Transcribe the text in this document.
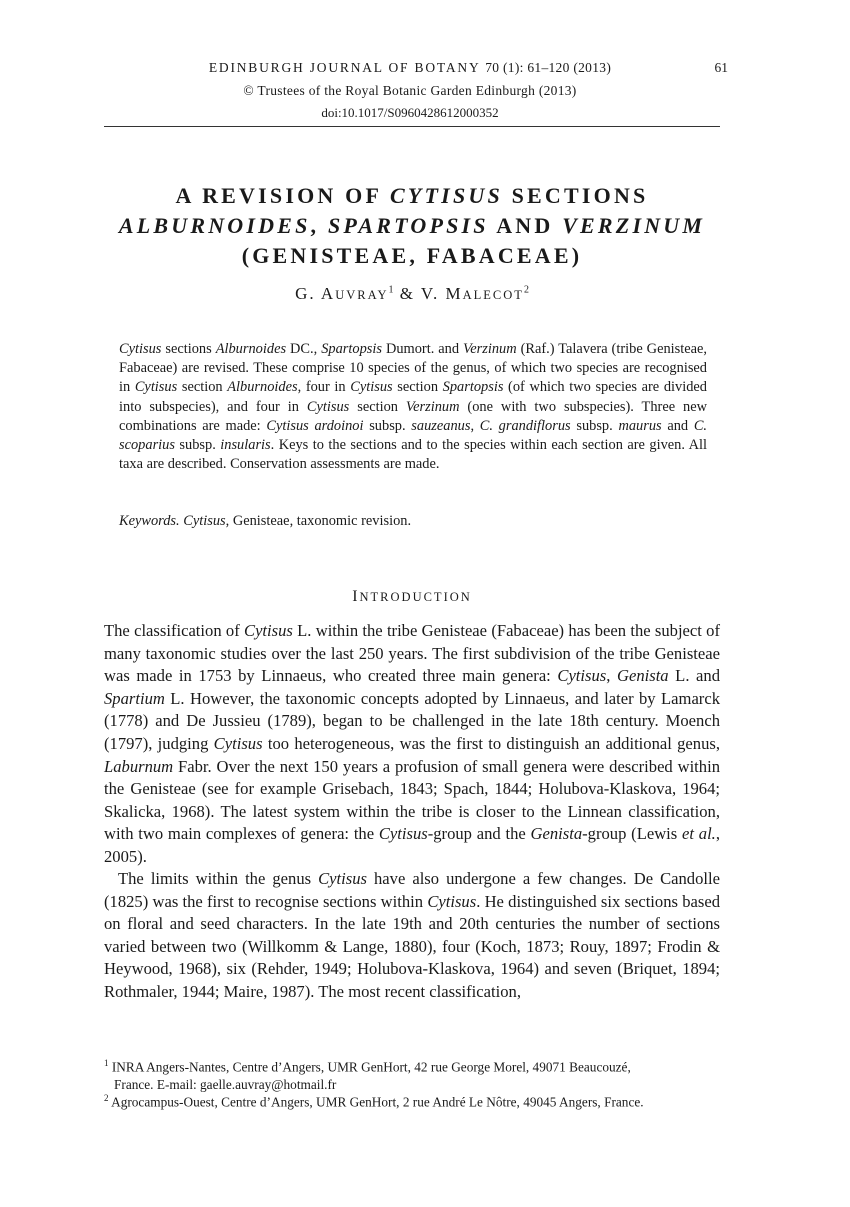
EDINBURGH JOURNAL OF BOTANY 70 (1): 61–120 (2013)	61
© Trustees of the Royal Botanic Garden Edinburgh (2013)
doi:10.1017/S0960428612000352
A REVISION OF CYTISUS SECTIONS
ALBURNOIDES, SPARTOPSIS AND VERZINUM
(GENISTEAE, FABACEAE)
G. AUVRAY$^1$ & V. MALECOT$^2$

Cytisus sections Alburnoides DC., Spartopsis Dumort. and Verzinum (Raf.) Talavera (tribe Genisteae, Fabaceae) are revised. These comprise 10 species of the genus, of which two species are recognised in Cytisus section Alburnoides, four in Cytisus section Spartopsis (of which two species are divided into subspecies), and four in Cytisus section Verzinum (one with two subspecies). Three new combinations are made: Cytisus ardoinoi subsp. sauzeanus, C. grandiflorus subsp. maurus and C. scoparius subsp. insularis. Keys to the sections and to the species within each section are given. All taxa are described. Conservation assessments are made.

Keywords. Cytisus, Genisteae, taxonomic revision.
INTRODUCTION

The classification of Cytisus L. within the tribe Genisteae (Fabaceae) has been the subject of many taxonomic studies over the last 250 years. The first subdivision of the tribe Genisteae was made in 1753 by Linnaeus, who created three main genera: Cytisus, Genista L. and Spartium L. However, the taxonomic concepts adopted by Linnaeus, and later by Lamarck (1778) and De Jussieu (1789), began to be challenged in the late 18th century. Moench (1797), judging Cytisus too heterogeneous, was the first to distinguish an additional genus, Laburnum Fabr. Over the next 150 years a profusion of small genera were described within the Genisteae (see for example Grisebach, 1843; Spach, 1844; Holubova-Klaskova, 1964; Skalicka, 1968). The latest system within the tribe is closer to the Linnean classification, with two main complexes of genera: the Cytisus-group and the Genista-group (Lewis et al., 2005).

The limits within the genus Cytisus have also undergone a few changes. De Candolle (1825) was the first to recognise sections within Cytisus. He distinguished six sections based on floral and seed characters. In the late 19th and 20th centuries the number of sections varied between two (Willkomm & Lange, 1880), four (Koch, 1873; Rouy, 1897; Frodin & Heywood, 1968), six (Rehder, 1949; Holubova-Klaskova, 1964) and seven (Briquet, 1894; Rothmaler, 1944; Maire, 1987). The most recent classification,

$^1$ INRA Angers-Nantes, Centre d’Angers, UMR GenHort, 42 rue George Morel, 49071 Beaucouzé,
France. E-mail: gaelle.auvray@hotmail.fr
$^2$ Agrocampus-Ouest, Centre d’Angers, UMR GenHort, 2 rue André Le Nôtre, 49045 Angers, France.
